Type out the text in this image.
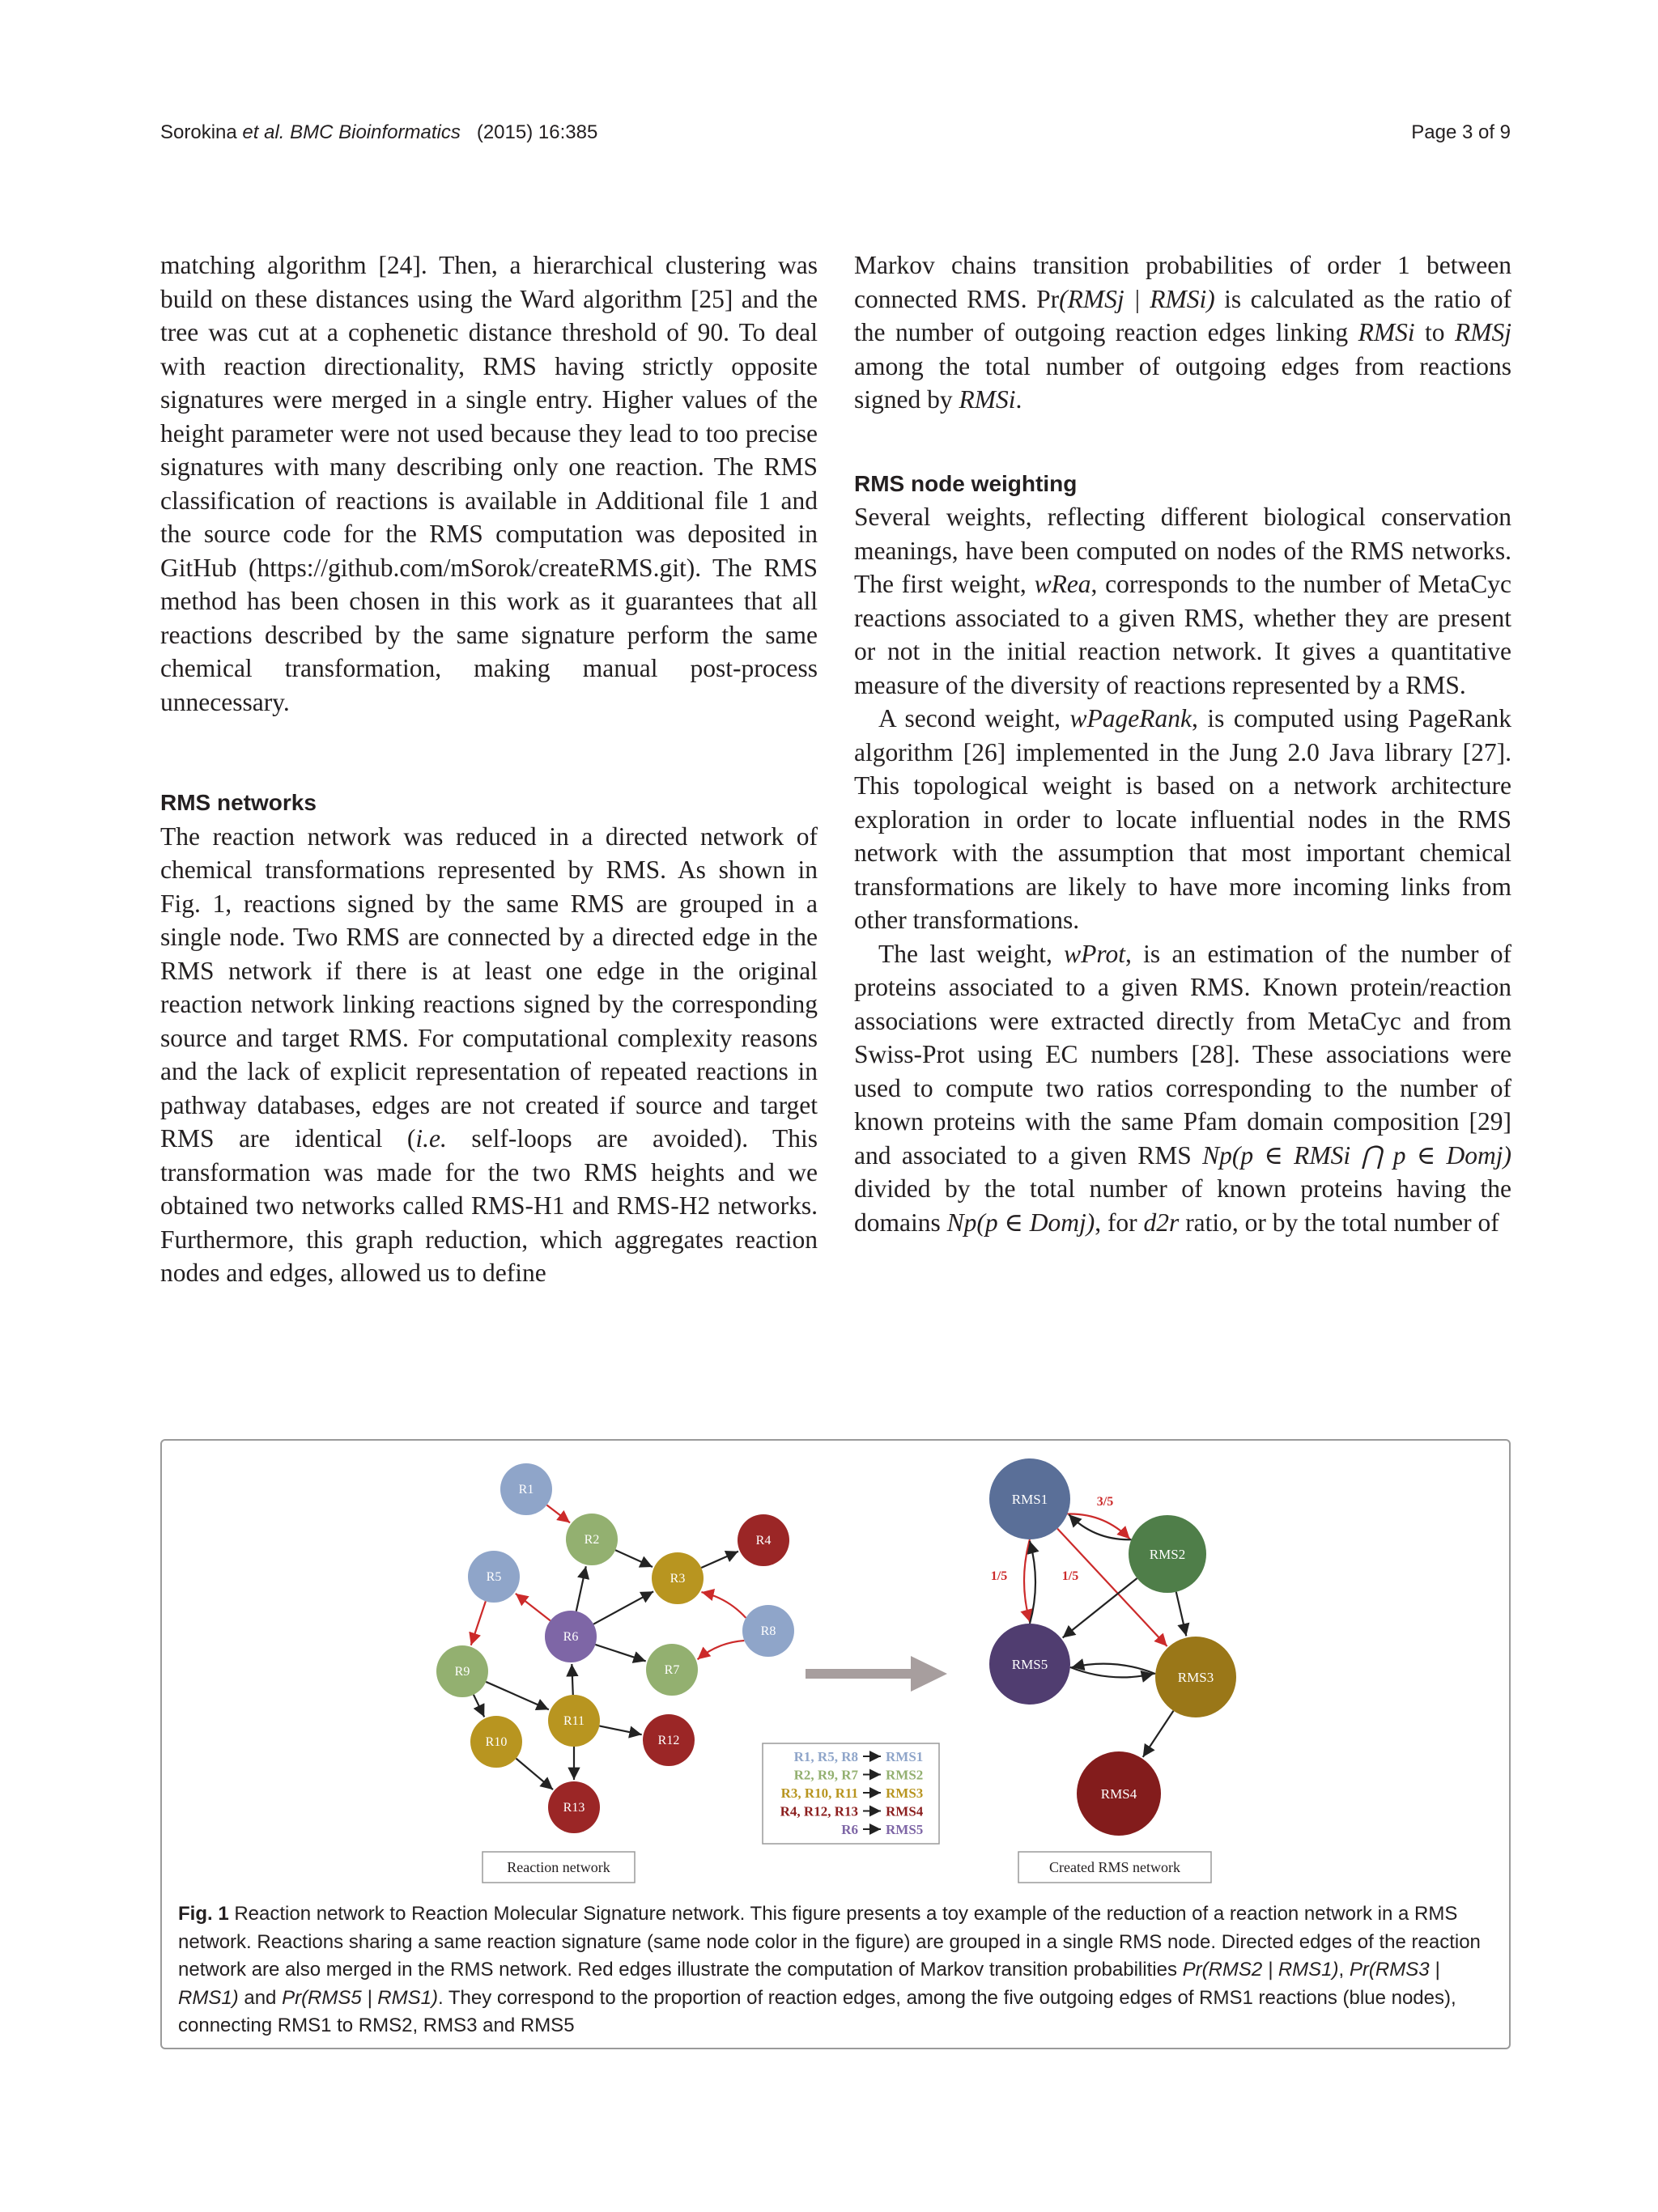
Sorokina et al. BMC Bioinformatics (2015) 16:385	Page 3 of 9

matching algorithm [24]. Then, a hierarchical clustering was build on these distances using the Ward algorithm [25] and the tree was cut at a cophenetic distance threshold of 90. To deal with reaction directionality, RMS having strictly opposite signatures were merged in a single entry. Higher values of the height parameter were not used because they lead to too precise signatures with many describing only one reaction. The RMS classification of reactions is available in Additional file 1 and the source code for the RMS computation was deposited in GitHub (https://github.com/mSorok/createRMS.git). The RMS method has been chosen in this work as it guarantees that all reactions described by the same signature perform the same chemical transformation, making manual post-process unnecessary.

RMS networks

The reaction network was reduced in a directed network of chemical transformations represented by RMS. As shown in Fig. 1, reactions signed by the same RMS are grouped in a single node. Two RMS are connected by a directed edge in the RMS network if there is at least one edge in the original reaction network linking reactions signed by the corresponding source and target RMS. For computational complexity reasons and the lack of explicit representation of repeated reactions in pathway databases, edges are not created if source and target RMS are identical (i.e. self-loops are avoided). This transformation was made for the two RMS heights and we obtained two networks called RMS-H1 and RMS-H2 networks. Furthermore, this graph reduction, which aggregates reaction nodes and edges, allowed us to define

Markov chains transition probabilities of order 1 between connected RMS. Pr(RMSj | RMSi) is calculated as the ratio of the number of outgoing reaction edges linking RMSi to RMSj among the total number of outgoing edges from reactions signed by RMSi.

RMS node weighting

Several weights, reflecting different biological conservation meanings, have been computed on nodes of the RMS networks. The first weight, wRea, corresponds to the number of MetaCyc reactions associated to a given RMS, whether they are present or not in the initial reaction network. It gives a quantitative measure of the diversity of reactions represented by a RMS.

A second weight, wPageRank, is computed using PageRank algorithm [26] implemented in the Jung 2.0 Java library [27]. This topological weight is based on a network architecture exploration in order to locate influential nodes in the RMS network with the assumption that most important chemical transformations are likely to have more incoming links from other transformations.

The last weight, wProt, is an estimation of the number of proteins associated to a given RMS. Known protein/reaction associations were extracted directly from MetaCyc and from Swiss-Prot using EC numbers [28]. These associations were used to compute two ratios corresponding to the number of known proteins with the same Pfam domain composition [29] and associated to a given RMS Np(p ∈ RMSi ⋂ p ∈ Domj) divided by the total number of known proteins having the domains Np(p ∈ Domj), for d2r ratio, or by the total number of

R1
R2
R3
R4
R5
R6
R7
R8
R9
R10
R11
R12
R13
RMS1
RMS2
RMS3
RMS4
RMS5
3/5
1/5	1/5
R1, R5, R8 RMS1
R2, R9, R7 RMS2
R3, R10, R11 RMS3
R4, R12, R13 RMS4
R6 RMS5
Reaction network	Created RMS network
Fig. 1 Reaction network to Reaction Molecular Signature network. This figure presents a toy example of the reduction of a reaction network in a RMS network. Reactions sharing a same reaction signature (same node color in the figure) are grouped in a single RMS node. Directed edges of the reaction network are also merged in the RMS network. Red edges illustrate the computation of Markov transition probabilities Pr(RMS2 | RMS1), Pr(RMS3 | RMS1) and Pr(RMS5 | RMS1). They correspond to the proportion of reaction edges, among the five outgoing edges of RMS1 reactions (blue nodes), connecting RMS1 to RMS2, RMS3 and RMS5
